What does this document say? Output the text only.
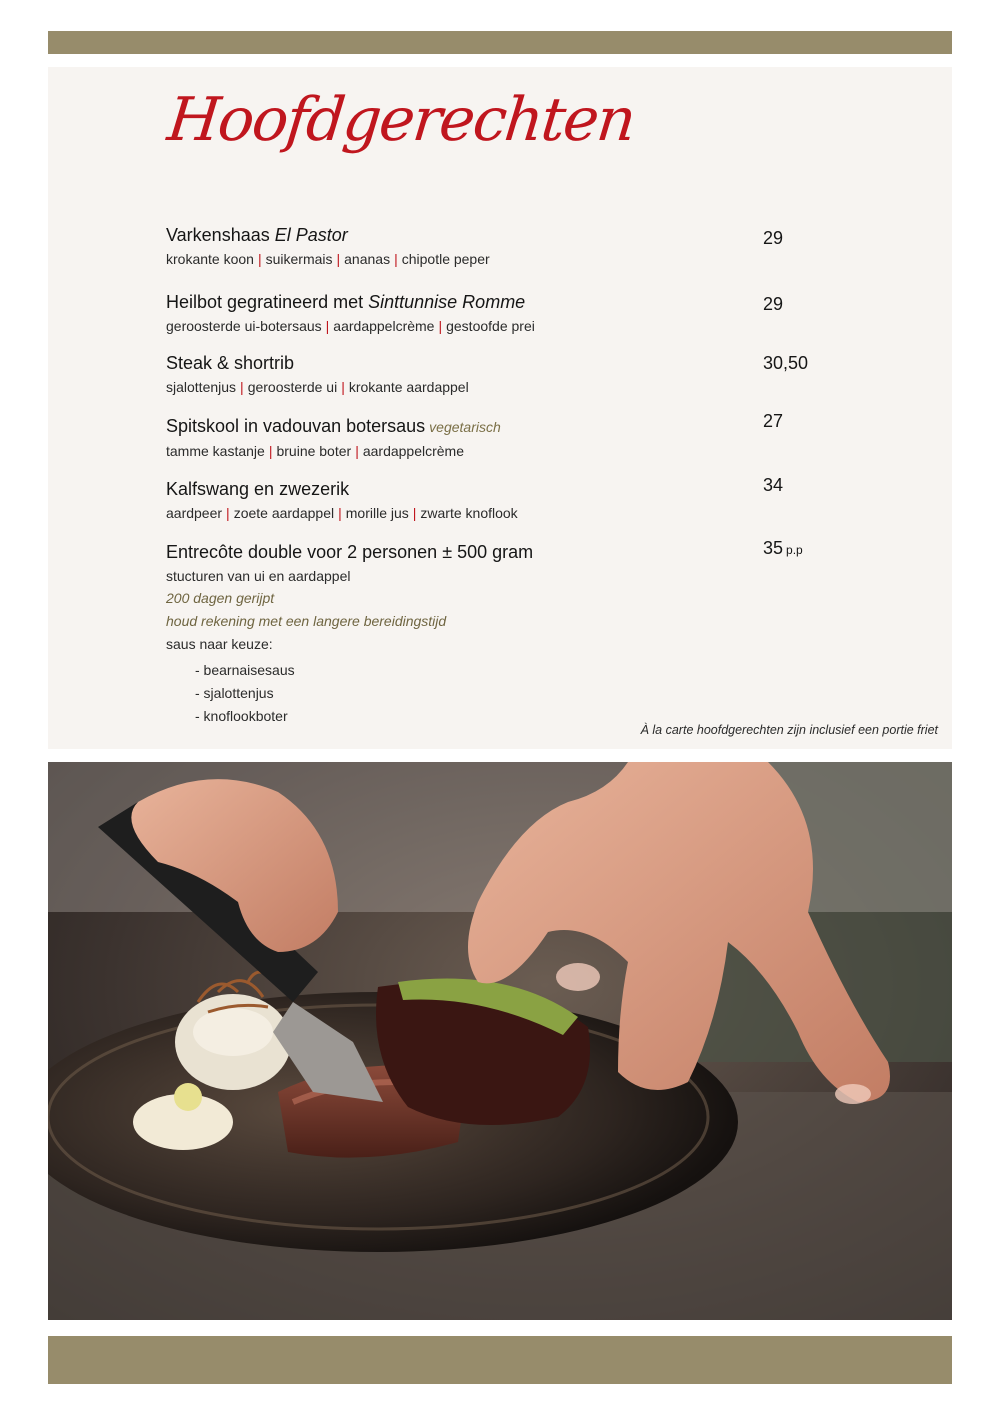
Hoofdgerechten
Varkenshaas El Pastor
krokante koon | suikermais | ananas | chipotle peper
29
Heilbot gegratineerd met Sinttunnise Romme
geroosterde ui-botersaus | aardappelcrème | gestoofde prei
29
Steak & shortrib
sjalottenjus | geroosterde ui | krokante aardappel
30,50
Spitskool in vadouvan botersaus vegetarisch
tamme kastanje | bruine boter | aardappelcrème
27
Kalfswang en zwezerik
aardpeer | zoete aardappel | morille jus | zwarte knoflook
34
Entrecôte double voor 2 personen ± 500 gram
stucturen van ui en aardappel
200 dagen gerijpt
houd rekening met een langere bereidingstijd
saus naar keuze:
- bearnaisesaus
- sjalottenjus
- knoflookboter
35 p.p
À la carte hoofdgerechten zijn inclusief een portie friet
